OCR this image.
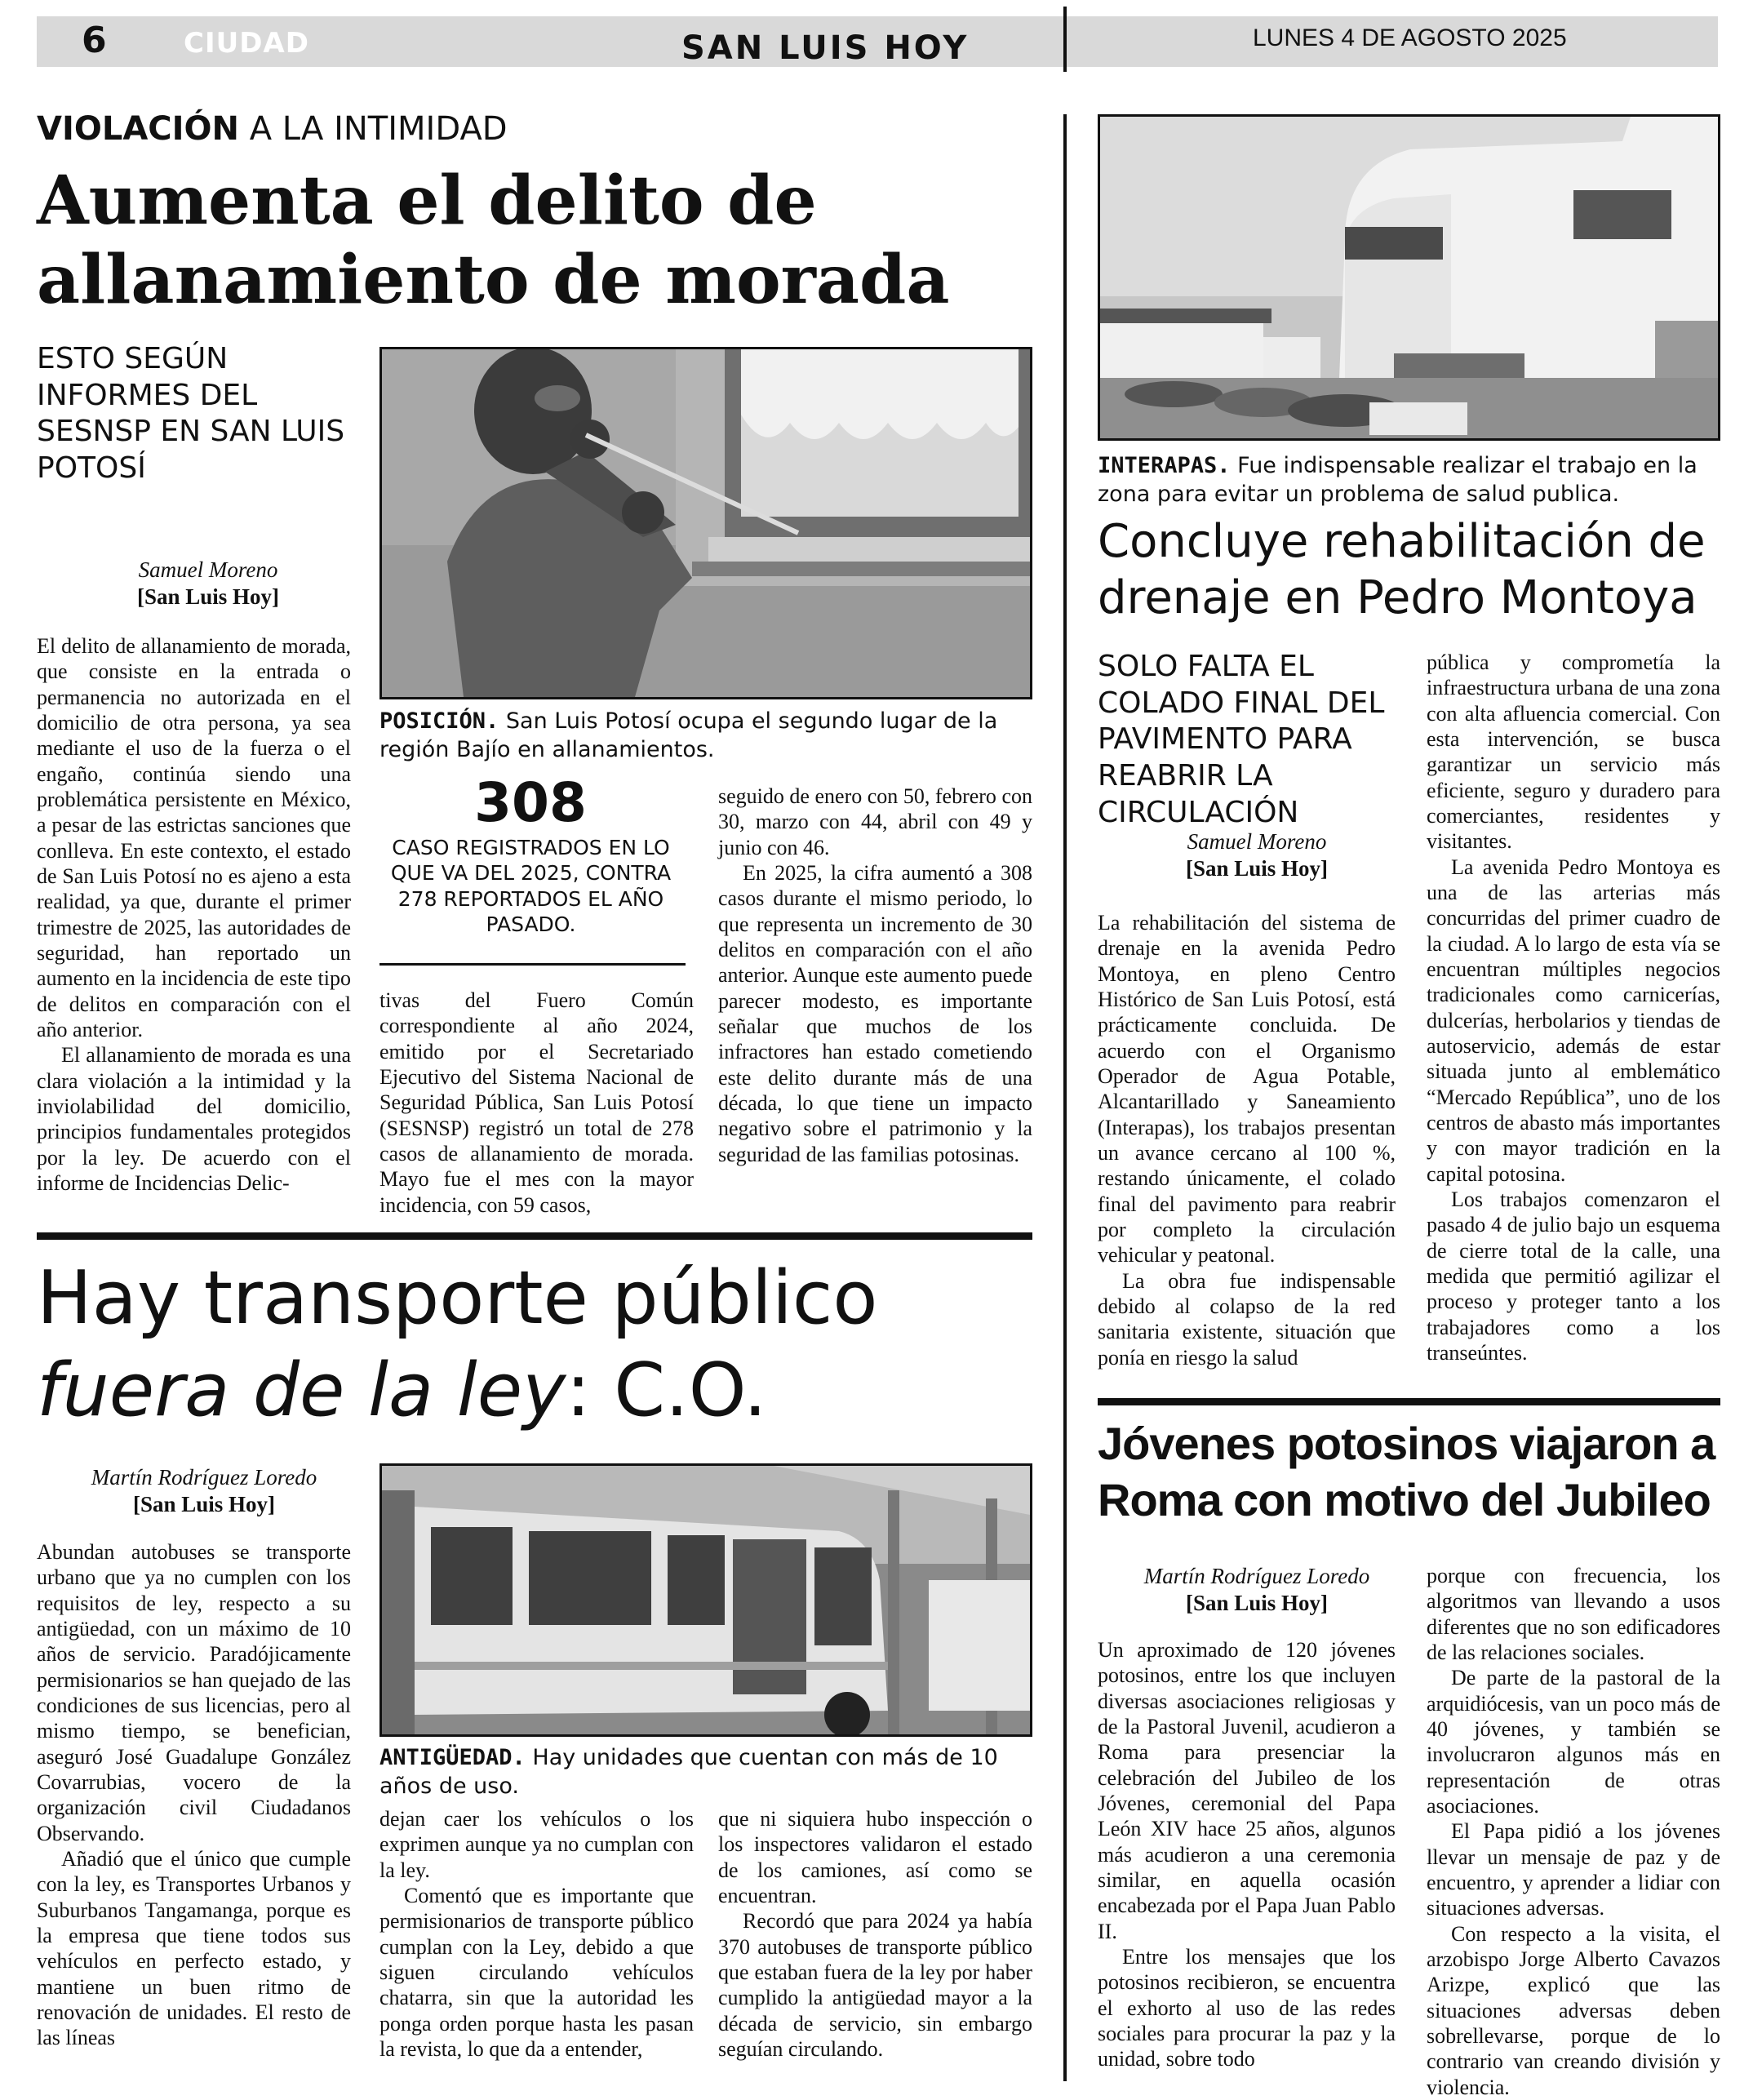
6	CIUDAD	SAN LUIS HOY	LUNES 4 DE AGOSTO 2025
VIOLACIÓN A LA INTIMIDAD
Aumenta el delito de allanamiento de morada
ESTO SEGÚN INFORMES DEL SESNSP EN SAN LUIS POTOSÍ
Samuel Moreno
[San Luis Hoy]
POSICIÓN. San Luis Potosí ocupa el segundo lugar de la región Bajío en allanamientos.
308
CASO REGISTRADOS EN LO QUE VA DEL 2025, CONTRA 278 REPORTADOS EL AÑO PASADO.

El delito de allanamiento de morada, que consiste en la entrada o permanencia no autorizada en el domicilio de otra persona, ya sea mediante el uso de la fuerza o el engaño, continúa siendo una problemática persistente en México, a pesar de las estrictas sanciones que conlleva. En este contexto, el estado de San Luis Potosí no es ajeno a esta realidad, ya que, durante el primer trimestre de 2025, las autoridades de seguridad, han reportado un aumento en la incidencia de este tipo de delitos en comparación con el año anterior.

El allanamiento de morada es una clara violación a la intimidad y la inviolabilidad del domicilio, principios fundamentales protegidos por la ley. De acuerdo con el informe de Incidencias Delic-

tivas del Fuero Común correspondiente al año 2024, emitido por el Secretariado Ejecutivo del Sistema Nacional de Seguridad Pública, San Luis Potosí (SESNSP) registró un total de 278 casos de allanamiento de morada. Mayo fue el mes con la mayor incidencia, con 59 casos,

seguido de enero con 50, febrero con 30, marzo con 44, abril con 49 y junio con 46.

En 2025, la cifra aumentó a 308 casos durante el mismo periodo, lo que representa un incremento de 30 delitos en comparación con el año anterior. Aunque este aumento puede parecer modesto, es importante señalar que muchos de los infractores han estado cometiendo este delito durante más de una década, lo que tiene un impacto negativo sobre el patrimonio y la seguridad de las familias potosinas.

Hay transporte público
fuera de la ley: C.O.
Martín Rodríguez Loredo
[San Luis Hoy]
ANTIGÜEDAD. Hay unidades que cuentan con más de 10 años de uso.

Abundan autobuses se transporte urbano que ya no cumplen con los requisitos de ley, respecto a su antigüedad, con un máximo de 10 años de servicio. Paradójicamente permisionarios se han quejado de las condiciones de sus licencias, pero al mismo tiempo, se benefician, aseguró José Guadalupe González Covarrubias, vocero de la organización civil Ciudadanos Observando.

Añadió que el único que cumple con la ley, es Transportes Urbanos y Suburbanos Tangamanga, porque es la empresa que tiene todos sus vehículos en perfecto estado, y mantiene un buen ritmo de renovación de unidades. El resto de las líneas

dejan caer los vehículos o los exprimen aunque ya no cumplan con la ley.

Comentó que es importante que permisionarios de transporte público cumplan con la Ley, debido a que siguen circulando vehículos chatarra, sin que la autoridad les ponga orden porque hasta les pasan la revista, lo que da a entender,

que ni siquiera hubo inspección o los inspectores validaron el estado de los camiones, así como se encuentran.

Recordó que para 2024 ya había 370 autobuses de transporte público que estaban fuera de la ley por haber cumplido la antigüedad mayor a la década de servicio, sin embargo seguían circulando.

INTERAPAS. Fue indispensable realizar el trabajo en la zona para evitar un problema de salud publica.
Concluye rehabilitación de drenaje en Pedro Montoya
SOLO FALTA EL COLADO FINAL DEL PAVIMENTO PARA REABRIR LA CIRCULACIÓN
Samuel Moreno
[San Luis Hoy]

La rehabilitación del sistema de drenaje en la avenida Pedro Montoya, en pleno Centro Histórico de San Luis Potosí, está prácticamente concluida. De acuerdo con el Organismo Operador de Agua Potable, Alcantarillado y Saneamiento (Interapas), los trabajos presentan un avance cercano al 100 %, restando únicamente, el colado final del pavimento para reabrir por completo la circulación vehicular y peatonal.

La obra fue indispensable debido al colapso de la red sanitaria existente, situación que ponía en riesgo la salud

pública y comprometía la infraestructura urbana de una zona con alta afluencia comercial. Con esta intervención, se busca garantizar un servicio más eficiente, seguro y duradero para comerciantes, residentes y visitantes.

La avenida Pedro Montoya es una de las arterias más concurridas del primer cuadro de la ciudad. A lo largo de esta vía se encuentran múltiples negocios tradicionales como carnicerías, dulcerías, herbolarios y tiendas de autoservicio, además de estar situada junto al emblemático “Mercado República”, uno de los centros de abasto más importantes y con mayor tradición en la capital potosina.

Los trabajos comenzaron el pasado 4 de julio bajo un esquema de cierre total de la calle, una medida que permitió agilizar el proceso y proteger tanto a los trabajadores como a los transeúntes.

Jóvenes potosinos viajaron a Roma con motivo del Jubileo
Martín Rodríguez Loredo
[San Luis Hoy]

Un aproximado de 120 jóvenes potosinos, entre los que incluyen diversas asociaciones religiosas y de la Pastoral Juvenil, acudieron a Roma para presenciar la celebración del Jubileo de los Jóvenes, ceremonial del Papa León XIV hace 25 años, algunos más acudieron a una ceremonia similar, en aquella ocasión encabezada por el Papa Juan Pablo II.

Entre los mensajes que los potosinos recibieron, se encuentra el exhorto al uso de las redes sociales para procurar la paz y la unidad, sobre todo

porque con frecuencia, los algoritmos van llevando a usos diferentes que no son edificadores de las relaciones sociales.

De parte de la pastoral de la arquidiócesis, van un poco más de 40 jóvenes, y también se involucraron algunos más en representación de otras asociaciones.

El Papa pidió a los jóvenes llevar un mensaje de paz y de encuentro, y aprender a lidiar con situaciones adversas.

Con respecto a la visita, el arzobispo Jorge Alberto Cavazos Arizpe, explicó que las situaciones adversas deben sobrellevarse, porque de lo contrario van creando división y violencia.
